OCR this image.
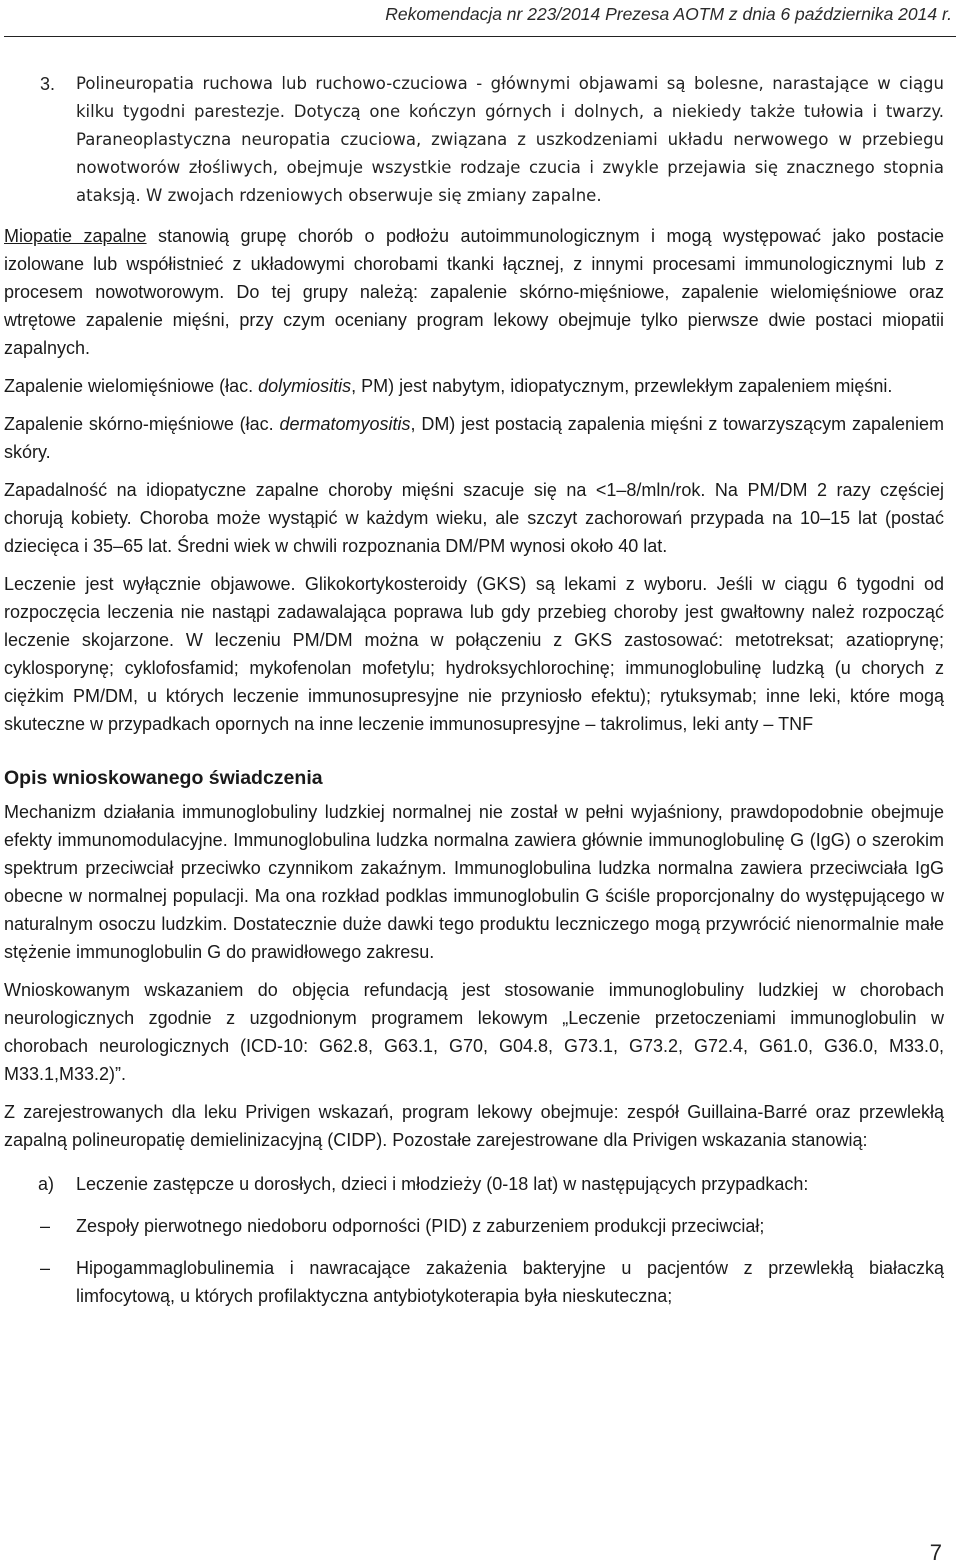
Rekomendacja nr 223/2014 Prezesa AOTM z dnia 6 października 2014 r.
3. Polineuropatia ruchowa lub ruchowo-czuciowa - głównymi objawami są bolesne, narastające w ciągu kilku tygodni parestezje. Dotyczą one kończyn górnych i dolnych, a niekiedy także tułowia i twarzy. Paraneoplastyczna neuropatia czuciowa, związana z uszkodzeniami układu nerwowego w przebiegu nowotworów złośliwych, obejmuje wszystkie rodzaje czucia i zwykle przejawia się znacznego stopnia ataksją. W zwojach rdzeniowych obserwuje się zmiany zapalne.

Miopatie zapalne stanowią grupę chorób o podłożu autoimmunologicznym i mogą występować jako postacie izolowane lub współistnieć z układowymi chorobami tkanki łącznej, z innymi procesami immunologicznymi lub z procesem nowotworowym. Do tej grupy należą: zapalenie skórno-mięśniowe, zapalenie wielomięśniowe oraz wtrętowe zapalenie mięśni, przy czym oceniany program lekowy obejmuje tylko pierwsze dwie postaci miopatii zapalnych.

Zapalenie wielomięśniowe (łac. dolymiositis, PM) jest nabytym, idiopatycznym, przewlekłym zapaleniem mięśni.

Zapalenie skórno-mięśniowe (łac. dermatomyositis, DM) jest postacią zapalenia mięśni z towarzyszącym zapaleniem skóry.

Zapadalność na idiopatyczne zapalne choroby mięśni szacuje się na <1–8/mln/rok. Na PM/DM 2 razy częściej chorują kobiety. Choroba może wystąpić w każdym wieku, ale szczyt zachorowań przypada na 10–15 lat (postać dziecięca i 35–65 lat. Średni wiek w chwili rozpoznania DM/PM wynosi około 40 lat.

Leczenie jest wyłącznie objawowe. Glikokortykosteroidy (GKS) są lekami z wyboru. Jeśli w ciągu 6 tygodni od rozpoczęcia leczenia nie nastąpi zadawalająca poprawa lub gdy przebieg choroby jest gwałtowny należ rozpocząć leczenie skojarzone. W leczeniu PM/DM można w połączeniu z GKS zastosować: metotreksat; azatioprynę; cyklosporynę; cyklofosfamid; mykofenolan mofetylu; hydroksychlorochinę; immunoglobulinę ludzką (u chorych z ciężkim PM/DM, u których leczenie immunosupresyjne nie przyniosło efektu); rytuksymab; inne leki, które mogą skuteczne w przypadkach opornych na inne leczenie immunosupresyjne – takrolimus, leki anty – TNF

Opis wnioskowanego świadczenia

Mechanizm działania immunoglobuliny ludzkiej normalnej nie został w pełni wyjaśniony, prawdopodobnie obejmuje efekty immunomodulacyjne. Immunoglobulina ludzka normalna zawiera głównie immunoglobulinę G (IgG) o szerokim spektrum przeciwciał przeciwko czynnikom zakaźnym. Immunoglobulina ludzka normalna zawiera przeciwciała IgG obecne w normalnej populacji. Ma ona rozkład podklas immunoglobulin G ściśle proporcjonalny do występującego w naturalnym osoczu ludzkim. Dostatecznie duże dawki tego produktu leczniczego mogą przywrócić nienormalnie małe stężenie immunoglobulin G do prawidłowego zakresu.

Wnioskowanym wskazaniem do objęcia refundacją jest stosowanie immunoglobuliny ludzkiej w chorobach neurologicznych zgodnie z uzgodnionym programem lekowym „Leczenie przetoczeniami immunoglobulin w chorobach neurologicznych (ICD-10: G62.8, G63.1, G70, G04.8, G73.1, G73.2, G72.4, G61.0, G36.0, M33.0, M33.1,M33.2)”.

Z zarejestrowanych dla leku Privigen wskazań, program lekowy obejmuje: zespół Guillaina-Barré oraz przewlekłą zapalną polineuropatię demielinizacyjną (CIDP). Pozostałe zarejestrowane dla Privigen wskazania stanowią:

a) Leczenie zastępcze u dorosłych, dzieci i młodzieży (0-18 lat) w następujących przypadkach:

– Zespoły pierwotnego niedoboru odporności (PID) z zaburzeniem produkcji przeciwciał;

– Hipogammaglobulinemia i nawracające zakażenia bakteryjne u pacjentów z przewlekłą białaczką limfocytową, u których profilaktyczna antybiotykoterapia była nieskuteczna;

7
